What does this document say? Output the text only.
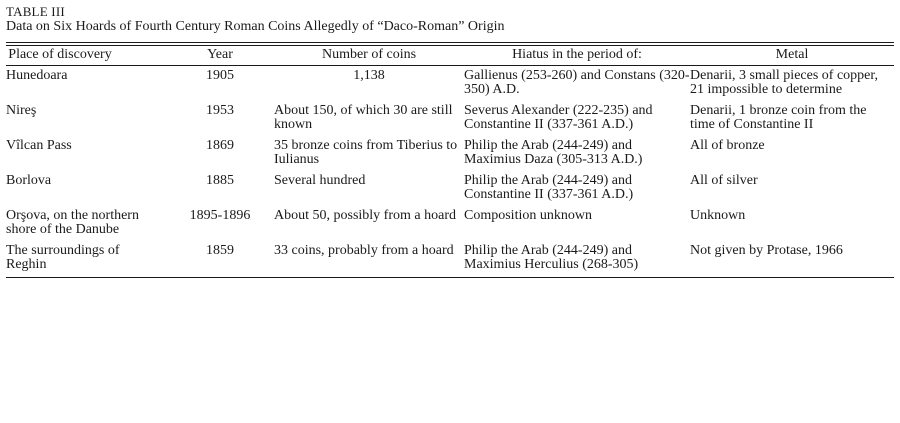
TABLE III
Data on Six Hoards of Fourth Century Roman Coins Allegedly of “Daco-Roman” Origin
Place of discovery	Year	Number of coins	Hiatus in the period of:	Metal
Hunedoara	1905	1,138	Gallienus (253-260) and Constans (320-350) A.D.	Denarii, 3 small pieces of copper, 21 impossible to determine
Nireş	1953	About 150, of which 30 are still known	Severus Alexander (222-235) and Constantine II (337-361 A.D.)	Denarii, 1 bronze coin from the time of Constantine II
Vîlcan Pass	1869	35 bronze coins from Tiberius to Iulianus	Philip the Arab (244-249) and Maximius Daza (305-313 A.D.)	All of bronze
Borlova	1885	Several hundred	Philip the Arab (244-249) and Constantine II (337-361 A.D.)	All of silver
Orşova, on the northern shore of the Danube	1895-1896	About 50, possibly from a hoard	Composition unknown	Unknown
The surroundings of Reghin	1859	33 coins, probably from a hoard	Philip the Arab (244-249) and Maximius Herculius (268-305)	Not given by Protase, 1966
